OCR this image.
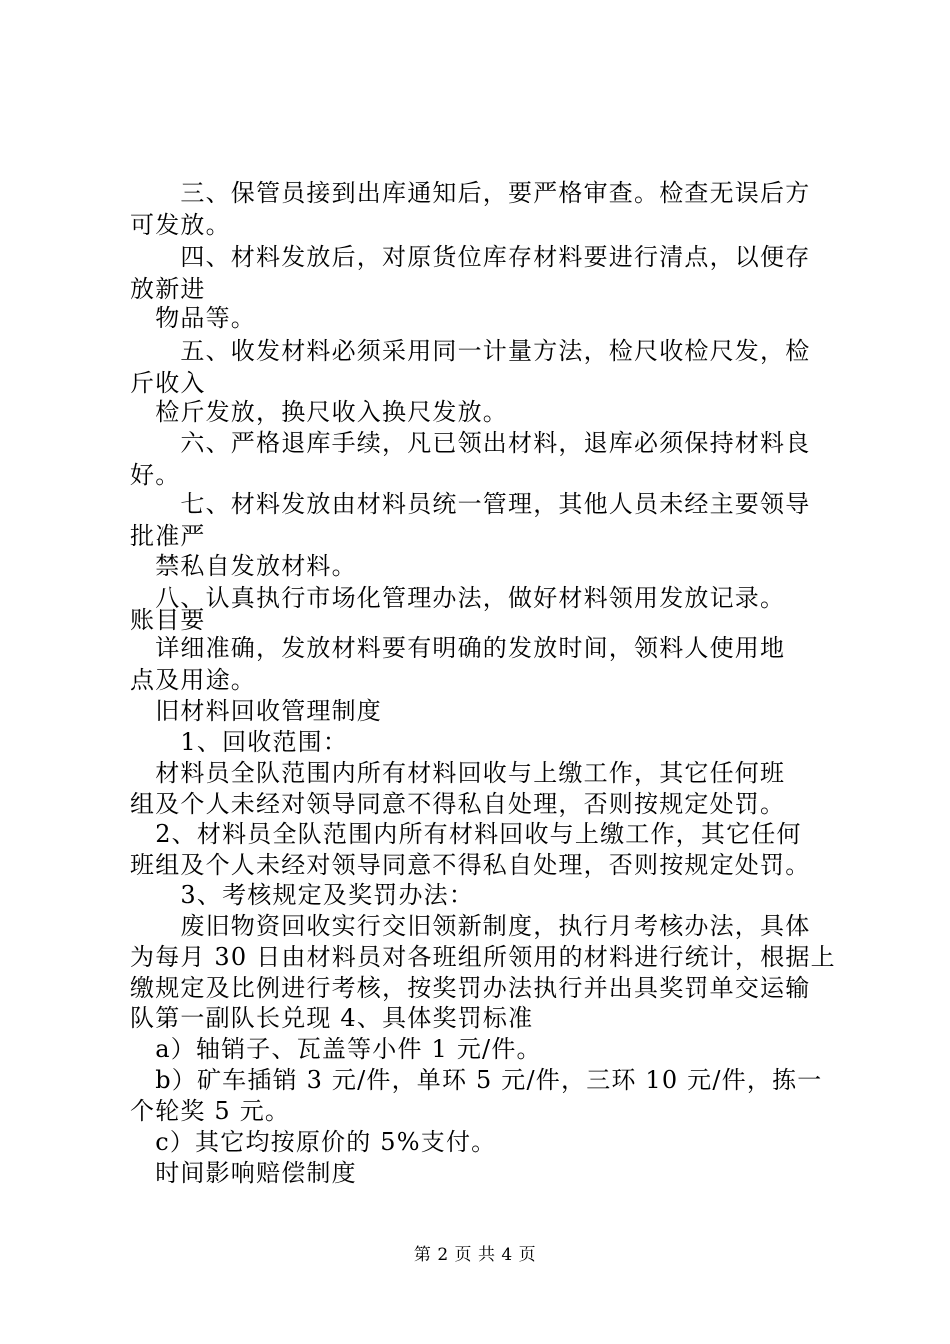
　　三、保管员接到出库通知后，要严格审查。检查无误后方
可发放。
　　四、材料发放后，对原货位库存材料要进行清点，以便存
放新进
　物品等。
　　五、收发材料必须采用同一计量方法，检尺收检尺发，检
斤收入
　检斤发放，换尺收入换尺发放。
　　六、严格退库手续，凡已领出材料，退库必须保持材料良
好。
　　七、材料发放由材料员统一管理，其他人员未经主要领导
批准严
　禁私自发放材料。
　八、认真执行市场化管理办法，做好材料领用发放记录。
账目要
　详细准确，发放材料要有明确的发放时间，领料人使用地
点及用途。
　旧材料回收管理制度
　　1、回收范围：
　材料员全队范围内所有材料回收与上缴工作，其它任何班
组及个人未经对领导同意不得私自处理，否则按规定处罚。
　2、材料员全队范围内所有材料回收与上缴工作，其它任何
班组及个人未经对领导同意不得私自处理，否则按规定处罚。
　　3、考核规定及奖罚办法：
　　废旧物资回收实行交旧领新制度，执行月考核办法，具体
为每月 30 日由材料员对各班组所领用的材料进行统计，根据上
缴规定及比例进行考核，按奖罚办法执行并出具奖罚单交运输
队第一副队长兑现 4、具体奖罚标准
　a）轴销子、瓦盖等小件 1 元/件。
　b）矿车插销 3 元/件，单环 5 元/件，三环 10 元/件，拣一
个轮奖 5 元。
　c）其它均按原价的 5%支付。
　时间影响赔偿制度
第 2 页 共 4 页
